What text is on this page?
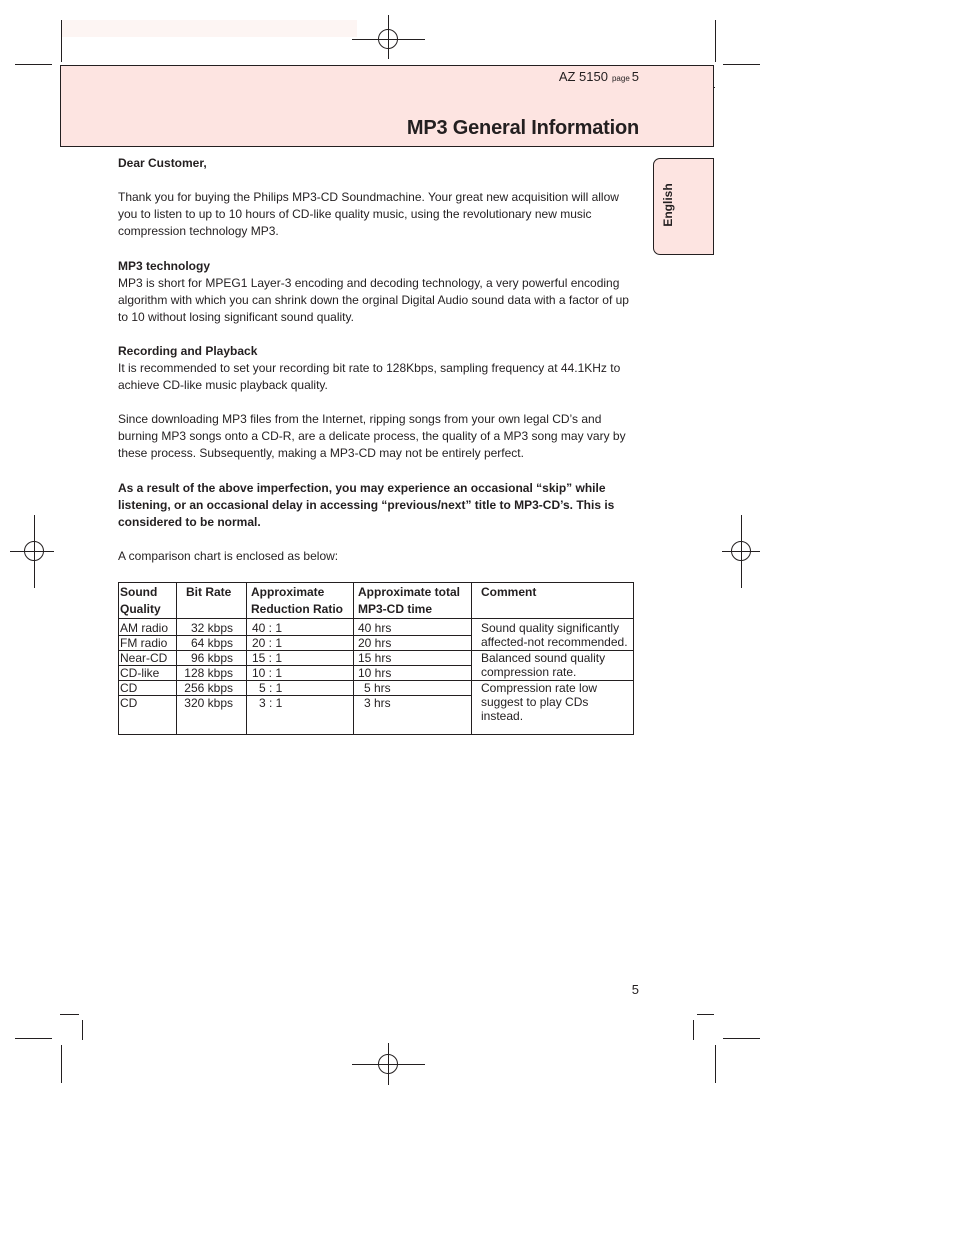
AZ 5150 page 5
MP3 General Information
English

Dear Customer,

Thank you for buying the Philips MP3-CD Soundmachine. Your great new acquisition will allow you to listen to up to 10 hours of CD-like quality music, using the revolutionary new music compression technology MP3.

MP3 technology

MP3 is short for MPEG1 Layer-3 encoding and decoding technology, a very powerful encoding algorithm with which you can shrink down the orginal Digital Audio sound data with a factor of up to 10 without losing significant sound quality.

Recording and Playback

It is recommended to set your recording bit rate to 128Kbps, sampling frequency at 44.1KHz to achieve CD-like music playback quality.

Since downloading MP3 files from the Internet, ripping songs from your own legal CD’s and burning MP3 songs onto a CD-R, are a delicate process, the quality of a MP3 song may vary by these process. Subsequently, making a MP3-CD may not be entirely perfect.

As a result of the above imperfection, you may experience an occasional “skip” while listening, or an occasional delay in accessing “previous/next” title to MP3-CD’s. This is considered to be normal.

A comparison chart is enclosed as below:

Sound Quality	Bit Rate	Approximate Reduction Ratio	Approximate total MP3-CD time	Comment
AM radio	32 kbps	40 : 1	40 hrs	Sound quality significantly affected-not recommended.
FM radio	64 kbps	20 : 1	20 hrs	
Near-CD	96 kbps	15 : 1	15 hrs	Balanced sound quality compression rate.
CD-like	128 kbps	10 : 1	10 hrs	
CD	256 kbps	5 : 1	5 hrs	Compression rate low suggest to play CDs instead.
CD	320 kbps	3 : 1	3 hrs	
5
